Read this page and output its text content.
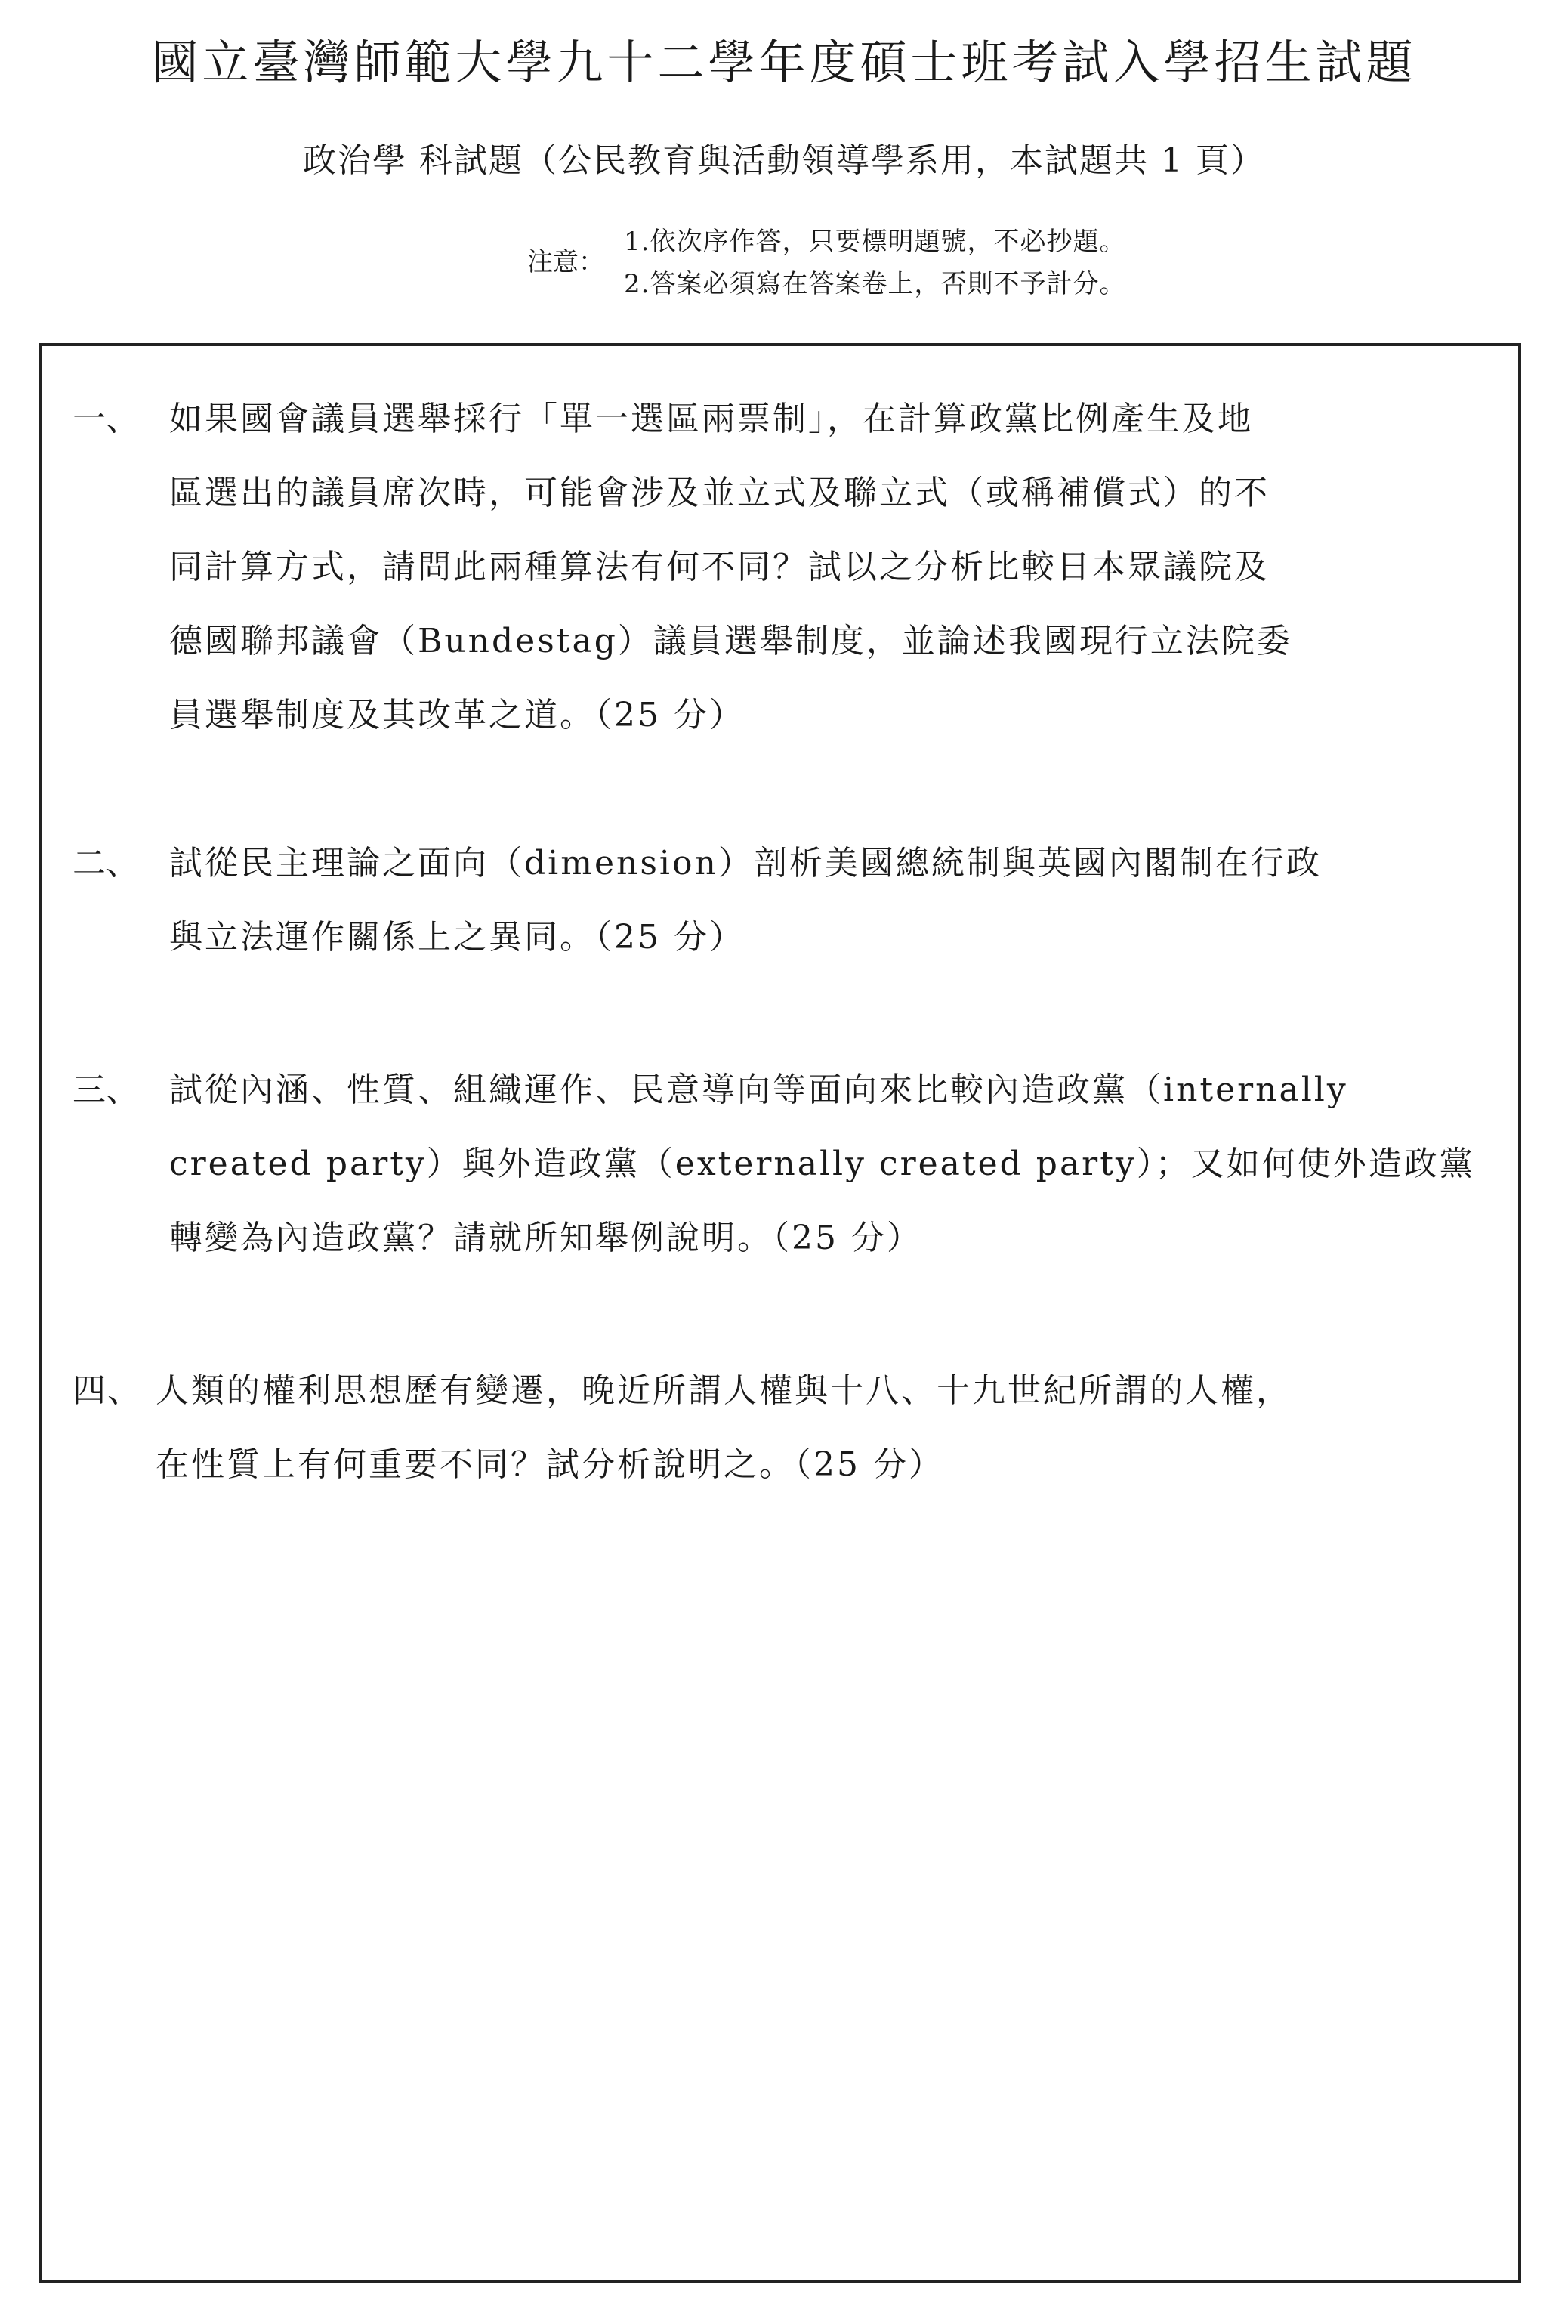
國立臺灣師範大學九十二學年度碩士班考試入學招生試題
政治學 科試題（公民教育與活動領導學系用，本試題共 1 頁）
注意：
1.依次序作答，只要標明題號，不必抄題。
2.答案必須寫在答案卷上，否則不予計分。
一、 如果國會議員選舉採行「單一選區兩票制」，在計算政黨比例產生及地
區選出的議員席次時，可能會涉及並立式及聯立式（或稱補償式）的不
同計算方式，請問此兩種算法有何不同？試以之分析比較日本眾議院及
德國聯邦議會（Bundestag）議員選舉制度，並論述我國現行立法院委
員選舉制度及其改革之道。（25 分）
二、 試從民主理論之面向（dimension）剖析美國總統制與英國內閣制在行政
與立法運作關係上之異同。（25 分）
三、 試從內涵、性質、組織運作、民意導向等面向來比較內造政黨（internally
created party）與外造政黨（externally created party）；又如何使外造政黨
轉變為內造政黨？請就所知舉例說明。（25 分）
四、 人類的權利思想歷有變遷，晚近所謂人權與十八、十九世紀所謂的人權，
在性質上有何重要不同？試分析說明之。（25 分）
